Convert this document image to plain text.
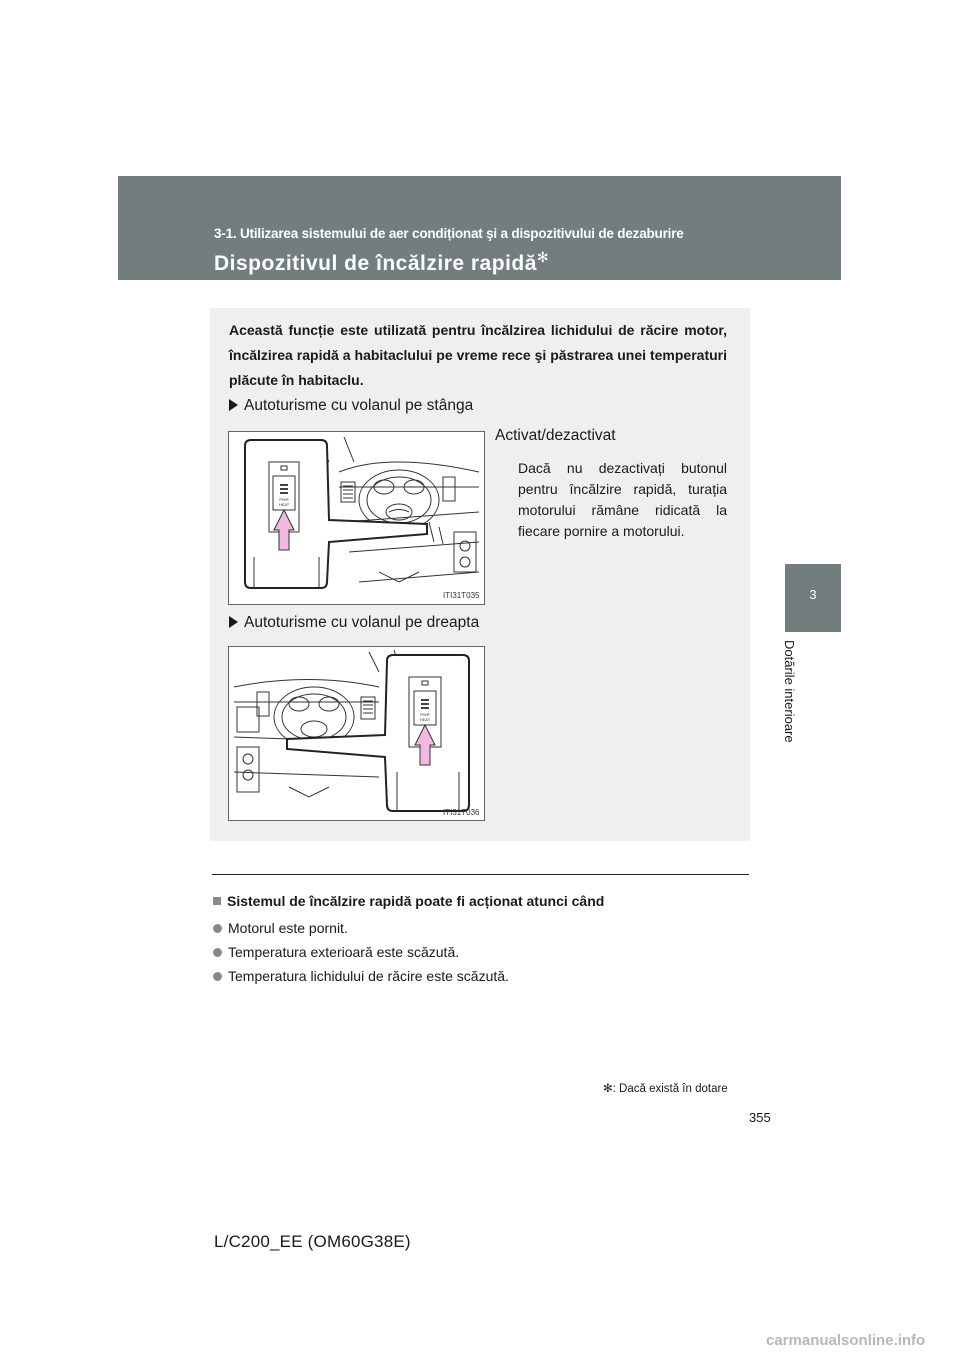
3-1. Utilizarea sistemului de aer condiționat şi a dispozitivului de dezaburire
Dispozitivul de încălzire rapidă✻
3
Dotările interioare
Această funcție este utilizată pentru încălzirea lichidului de răcire motor, încălzirea rapidă a habitaclului pe vreme rece şi păstrarea unei temperaturi plăcute în habitaclu.
Autoturisme cu volanul pe stânga
PWR
HEAT
ITI31T035
Activat/dezactivat
Dacă nu dezactivați butonul pentru încălzire rapidă, turația motorului rămâne ridicată la fiecare pornire a motorului.
Autoturisme cu volanul pe dreapta
PWR
HEAT
ITI31T036
Sistemul de încălzire rapidă poate fi acționat atunci când
Motorul este pornit.
Temperatura exterioară este scăzută.
Temperatura lichidului de răcire este scăzută.
✻: Dacă există în dotare
355
L/C200_EE (OM60G38E)
carmanualsonline.info
